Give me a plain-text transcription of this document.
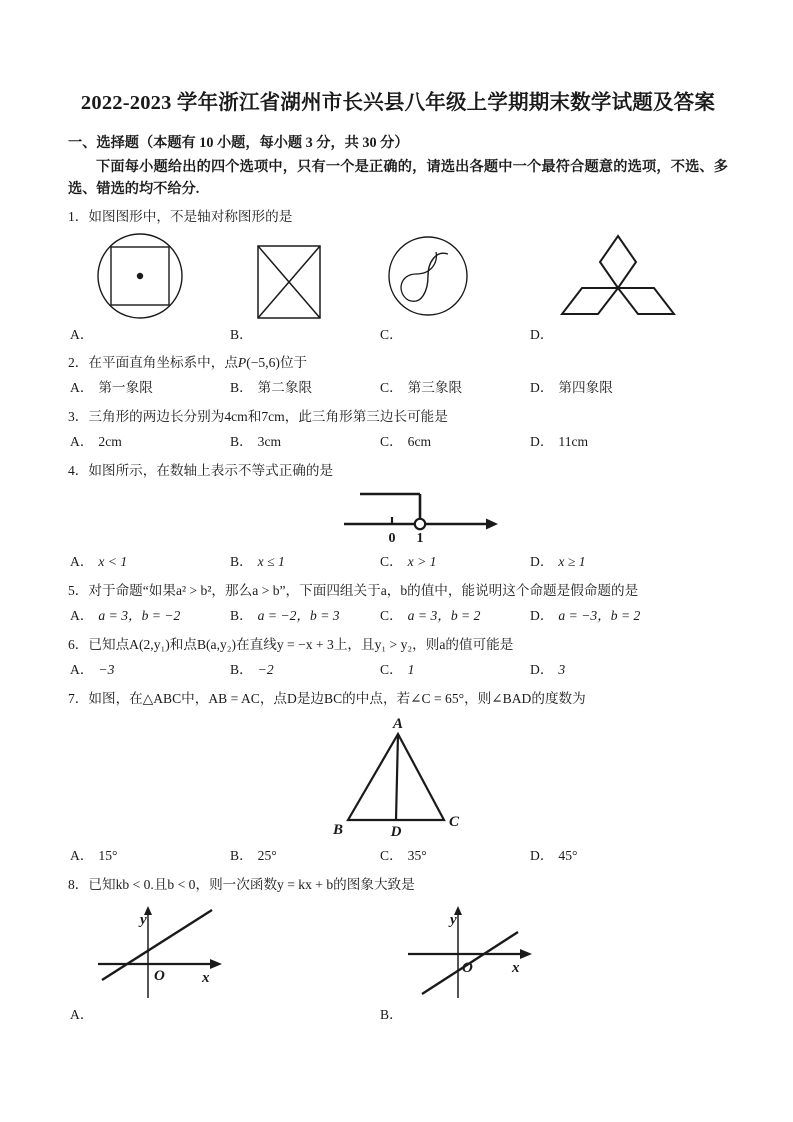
2022-2023 学年浙江省湖州市长兴县八年级上学期期末数学试题及答案
一、选择题（本题有 10 小题，每小题 3 分，共 30 分）
下面每小题给出的四个选项中，只有一个是正确的，请选出各题中一个最符合题意的选项，不选、多选、错选的均不给分.
1．如图图形中，不是轴对称图形的是
A．	B．	C．	D．
2．在平面直角坐标系中，点P(−5,6)位于
A． 第一象限	B． 第二象限	C． 第三象限	D． 第四象限
3．三角形的两边长分别为4cm和7cm，此三角形第三边长可能是
A． 2cm	B． 3cm	C． 6cm	D． 11cm
4．如图所示，在数轴上表示不等式正确的是
0 1
A． x < 1	B． x ≤ 1	C． x > 1	D． x ≥ 1
5．对于命题“如果a² > b²，那么a > b”，下面四组关于a，b的值中，能说明这个命题是假命题的是
A． a = 3，b = −2	B． a = −2，b = 3	C． a = 3，b = 2	D． a = −3，b = 2
6．已知点A(2,y₁)和点B(a,y₂)在直线y = −x + 3上，且y₁ > y₂，则a的值可能是
A． −3	B． −2	C． 1	D． 3
7．如图，在△ABC中，AB = AC，点D是边BC的中点，若∠C = 65°，则∠BAD的度数为
A
B	D
C
A． 15°	B． 25°	C． 35°	D． 45°
8．已知kb < 0.且b < 0，则一次函数y = kx + b的图象大致是
y
O x
y
O	x
A．	B．
